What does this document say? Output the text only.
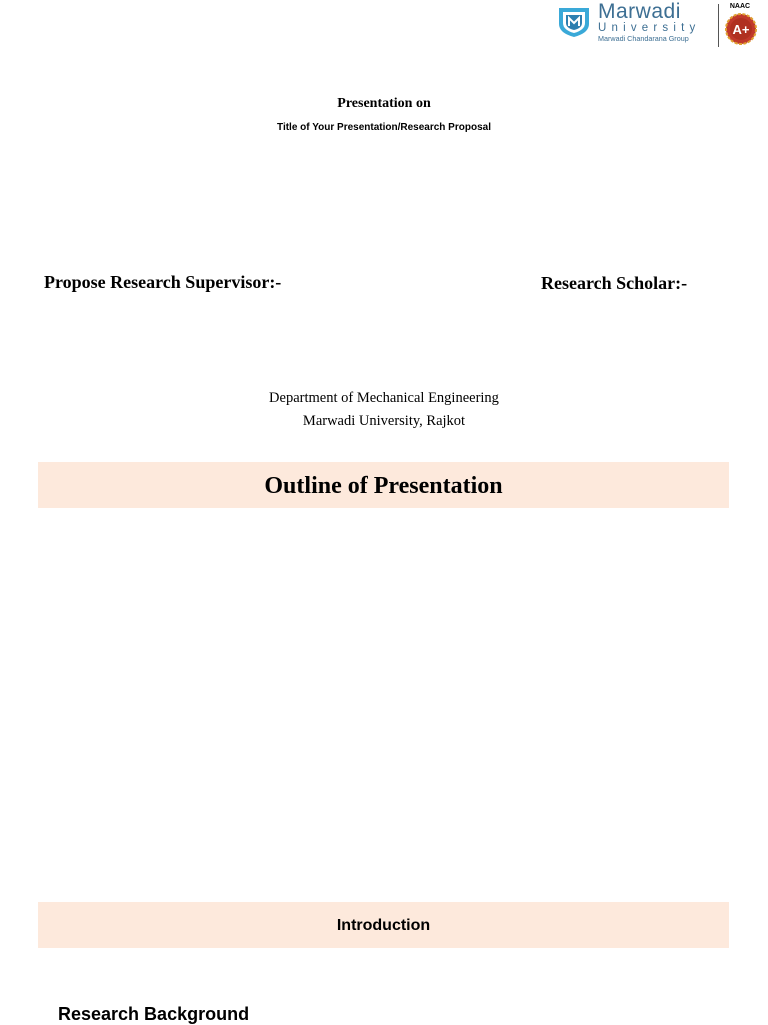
Marwadi
University
Marwadi Chandarana Group
NAAC
A+
Presentation on
Title of Your Presentation/Research Proposal
Propose Research Supervisor:-	Research Scholar:-
Department of Mechanical Engineering
Marwadi University, Rajkot
Outline of Presentation
Introduction
Research Background
